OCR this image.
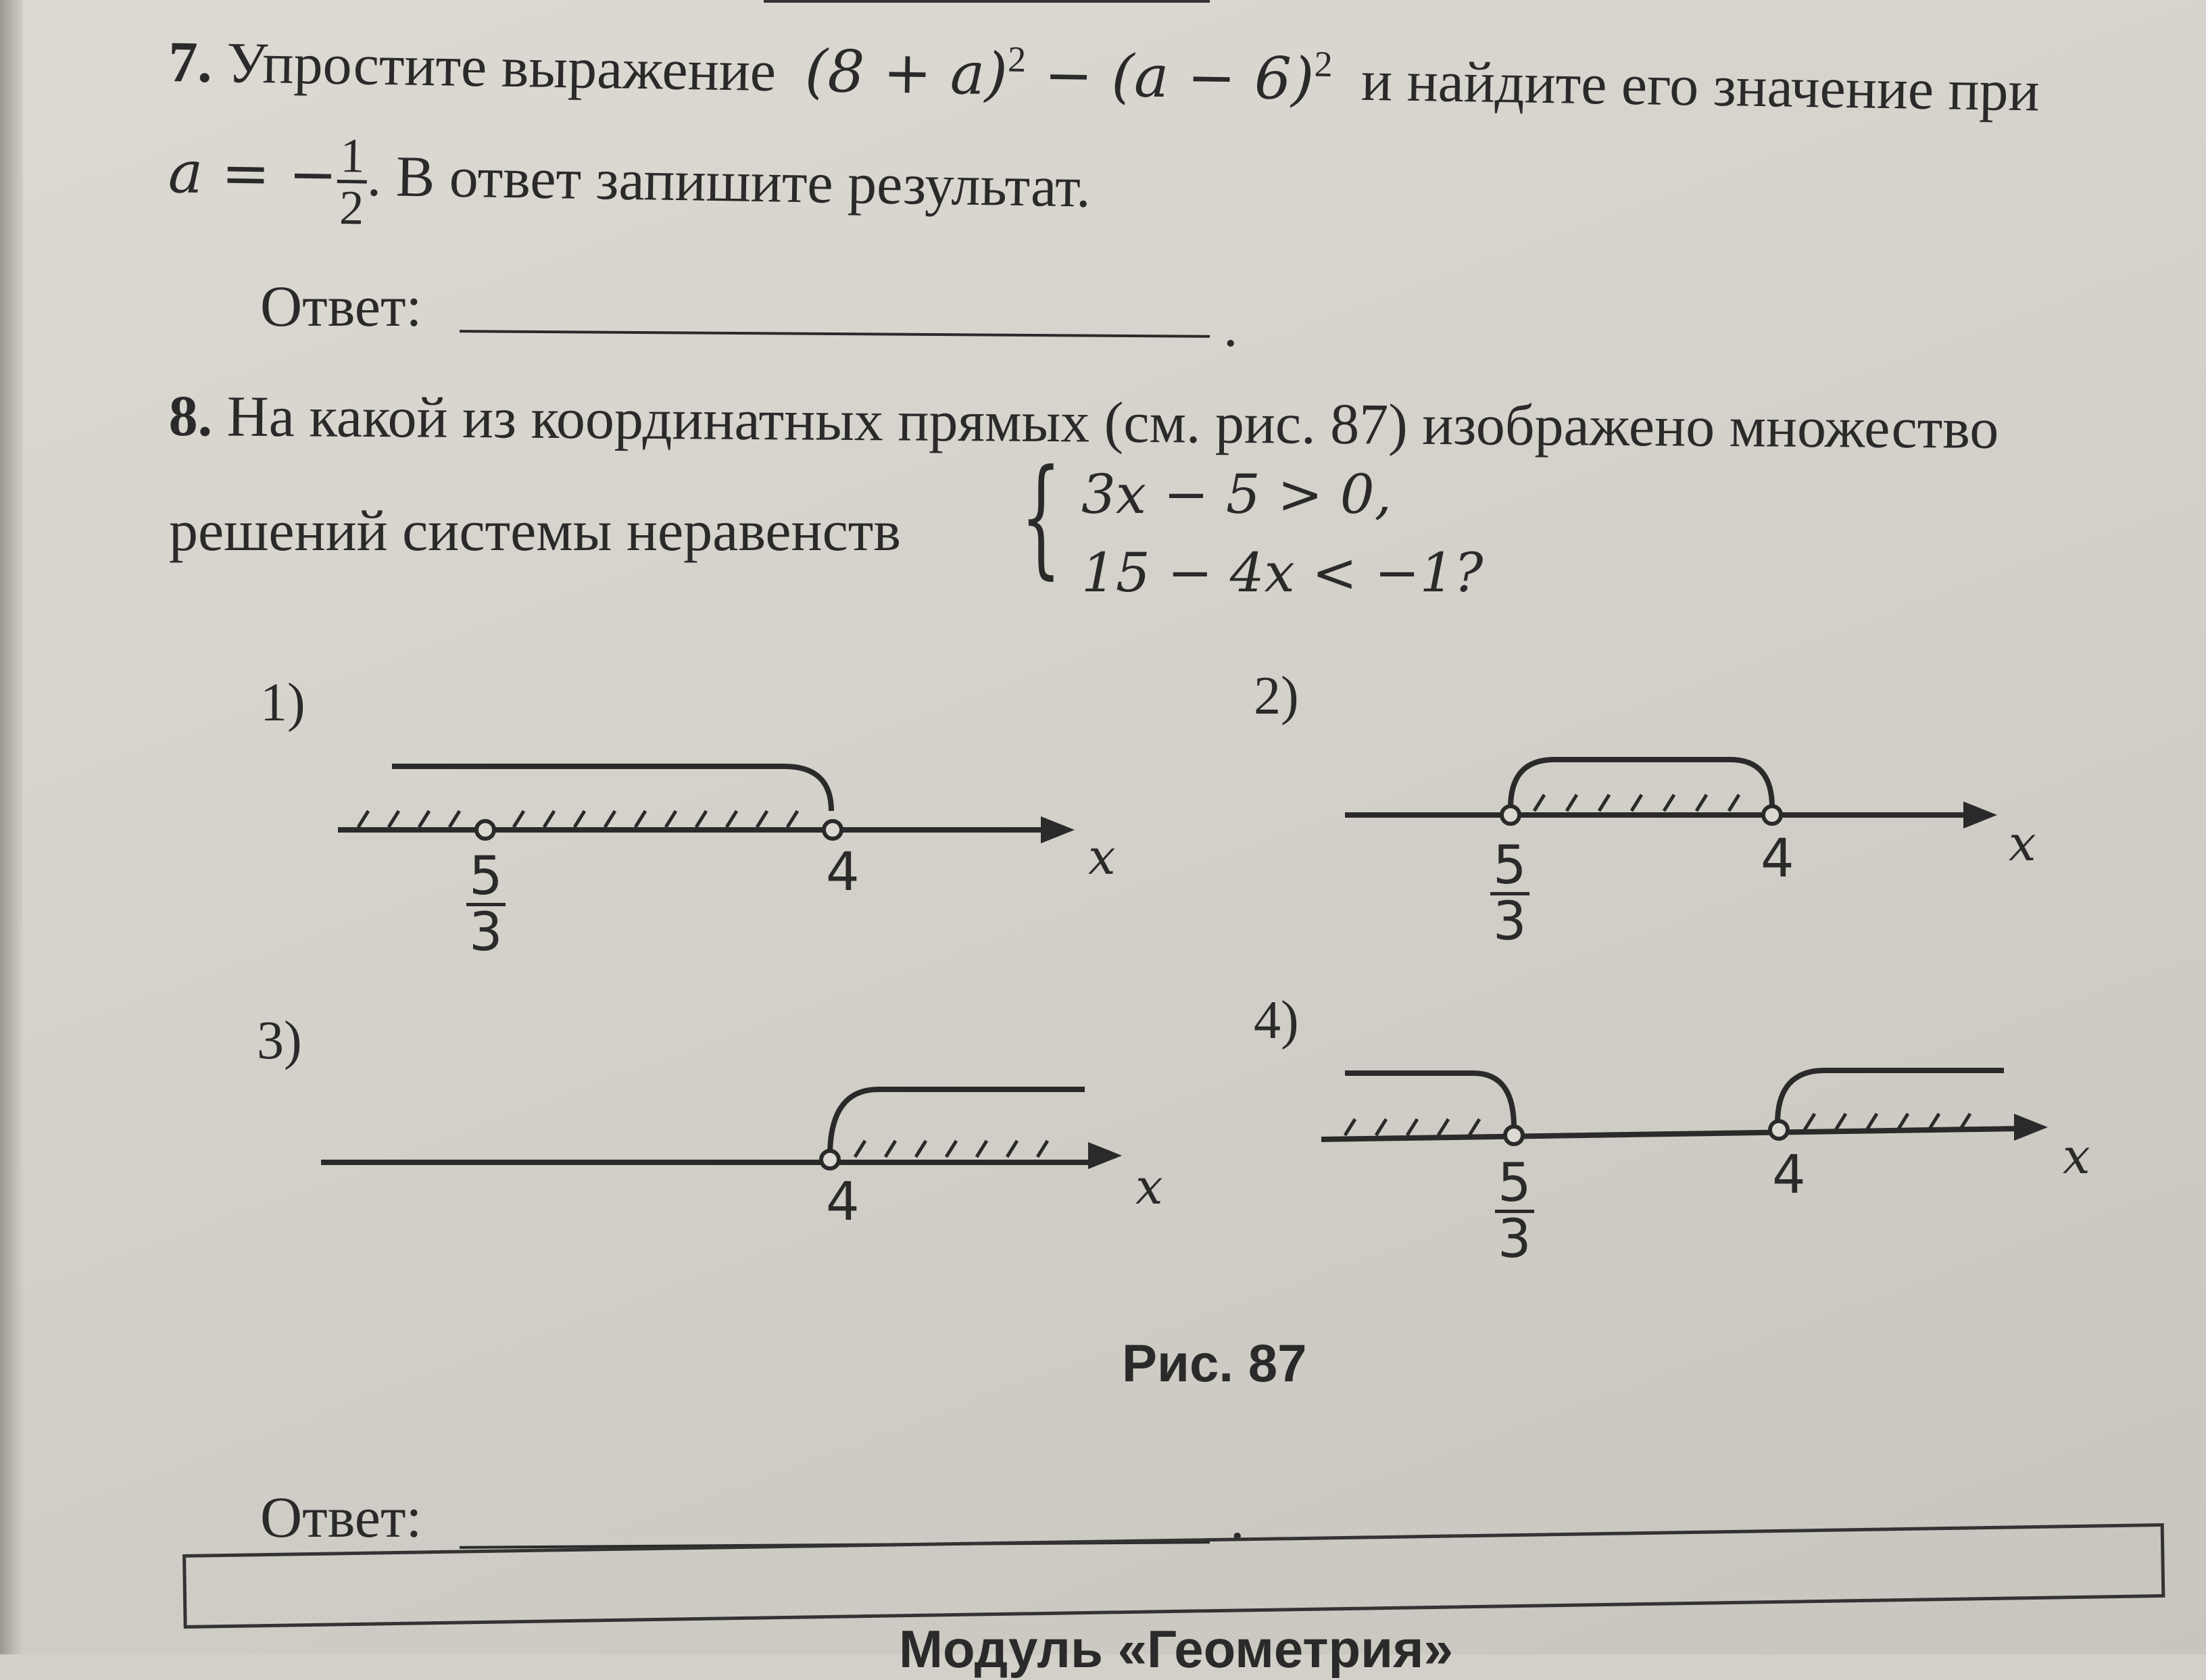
7. Упростите выражение $(8 + a)^2 - (a - 6)^2$ и найдите его значение при
a = −
$\frac{1}{2}$
. В ответ запишите результат.
Ответ:	.
8. На какой из координатных прямых (см. рис. 87) изображено множество
решений системы неравенств { 3x − 5 > 0,
15 − 4x < −1?
1)	2)
3)	4)
$\frac{5}{3}$	4	x	$\frac{5}{3}$	4	x
4	x	$\frac{5}{3}$	4	x
Рис. 87
Ответ:	.
Модуль «Геометрия»
